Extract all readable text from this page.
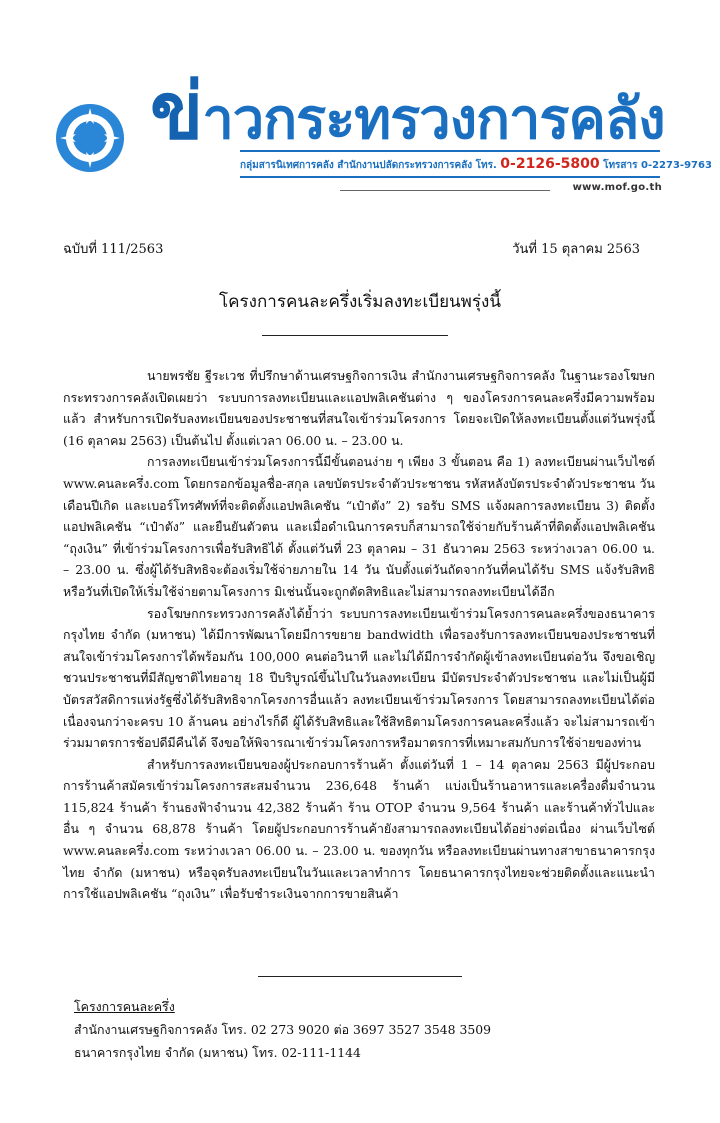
ข่าวกระทรวงการคลัง
กลุ่มสารนิเทศการคลัง สำนักงานปลัดกระทรวงการคลัง โทร. 0-2126-5800 โทรสาร 0-2273-9763
www.mof.go.th
ฉบับที่ 111/2563	วันที่ 15 ตุลาคม 2563
โครงการคนละครึ่งเริ่มลงทะเบียนพรุ่งนี้

นายพรชัย ฐีระเวช ที่ปรึกษาด้านเศรษฐกิจการเงิน สำนักงานเศรษฐกิจการคลัง ในฐานะรองโฆษกกระทรวงการคลังเปิดเผยว่า ระบบการลงทะเบียนและแอปพลิเคชันต่าง ๆ ของโครงการคนละครึ่งมีความพร้อมแล้ว สำหรับการเปิดรับลงทะเบียนของประชาชนที่สนใจเข้าร่วมโครงการ โดยจะเปิดให้ลงทะเบียนตั้งแต่วันพรุ่งนี้ (16 ตุลาคม 2563) เป็นต้นไป ตั้งแต่เวลา 06.00 น. – 23.00 น.

การลงทะเบียนเข้าร่วมโครงการนี้มีขั้นตอนง่าย ๆ เพียง 3 ขั้นตอน คือ 1) ลงทะเบียนผ่านเว็บไซต์ www.คนละครึ่ง.com โดยกรอกข้อมูลชื่อ-สกุล เลขบัตรประจำตัวประชาชน รหัสหลังบัตรประจำตัวประชาชน วันเดือนปีเกิด และเบอร์โทรศัพท์ที่จะติดตั้งแอปพลิเคชัน “เป๋าตัง” 2) รอรับ SMS แจ้งผลการลงทะเบียน 3) ติดตั้งแอปพลิเคชัน “เป๋าตัง” และยืนยันตัวตน และเมื่อดำเนินการครบก็สามารถใช้จ่ายกับร้านค้าที่ติดตั้งแอปพลิเคชัน “ถุงเงิน” ที่เข้าร่วมโครงการเพื่อรับสิทธิได้ ตั้งแต่วันที่ 23 ตุลาคม – 31 ธันวาคม 2563 ระหว่างเวลา 06.00 น. – 23.00 น. ซึ่งผู้ได้รับสิทธิจะต้องเริ่มใช้จ่ายภายใน 14 วัน นับตั้งแต่วันถัดจากวันที่คนได้รับ SMS แจ้งรับสิทธิหรือวันที่เปิดให้เริ่มใช้จ่ายตามโครงการ มิเช่นนั้นจะถูกตัดสิทธิและไม่สามารถลงทะเบียนได้อีก

รองโฆษกกระทรวงการคลังได้ย้ำว่า ระบบการลงทะเบียนเข้าร่วมโครงการคนละครึ่งของธนาคารกรุงไทย จำกัด (มหาชน) ได้มีการพัฒนาโดยมีการขยาย bandwidth เพื่อรองรับการลงทะเบียนของประชาชนที่สนใจเข้าร่วมโครงการได้พร้อมกัน 100,000 คนต่อวินาที และไม่ได้มีการจำกัดผู้เข้าลงทะเบียนต่อวัน จึงขอเชิญชวนประชาชนที่มีสัญชาติไทยอายุ 18 ปีบริบูรณ์ขึ้นไปในวันลงทะเบียน มีบัตรประจำตัวประชาชน และไม่เป็นผู้มีบัตรสวัสดิการแห่งรัฐซึ่งได้รับสิทธิจากโครงการอื่นแล้ว ลงทะเบียนเข้าร่วมโครงการ โดยสามารถลงทะเบียนได้ต่อเนื่องจนกว่าจะครบ 10 ล้านคน อย่างไรก็ดี ผู้ได้รับสิทธิและใช้สิทธิตามโครงการคนละครึ่งแล้ว จะไม่สามารถเข้าร่วมมาตรการช้อปดีมีคืนได้ จึงขอให้พิจารณาเข้าร่วมโครงการหรือมาตรการที่เหมาะสมกับการใช้จ่ายของท่าน

สำหรับการลงทะเบียนของผู้ประกอบการร้านค้า ตั้งแต่วันที่ 1 – 14 ตุลาคม 2563 มีผู้ประกอบการร้านค้าสมัครเข้าร่วมโครงการสะสมจำนวน 236,648 ร้านค้า แบ่งเป็นร้านอาหารและเครื่องดื่มจำนวน 115,824 ร้านค้า ร้านธงฟ้าจำนวน 42,382 ร้านค้า ร้าน OTOP จำนวน 9,564 ร้านค้า และร้านค้าทั่วไปและอื่น ๆ จำนวน 68,878 ร้านค้า โดยผู้ประกอบการร้านค้ายังสามารถลงทะเบียนได้อย่างต่อเนื่อง ผ่านเว็บไซต์ www.คนละครึ่ง.com ระหว่างเวลา 06.00 น. – 23.00 น. ของทุกวัน หรือลงทะเบียนผ่านทางสาขาธนาคารกรุงไทย จำกัด (มหาชน) หรือจุดรับลงทะเบียนในวันและเวลาทำการ โดยธนาคารกรุงไทยจะช่วยติดตั้งและแนะนำการใช้แอปพลิเคชัน “ถุงเงิน” เพื่อรับชำระเงินจากการขายสินค้า

โครงการคนละครึ่ง
สำนักงานเศรษฐกิจการคลัง โทร. 02 273 9020 ต่อ 3697 3527 3548 3509
ธนาคารกรุงไทย จำกัด (มหาชน) โทร. 02-111-1144
